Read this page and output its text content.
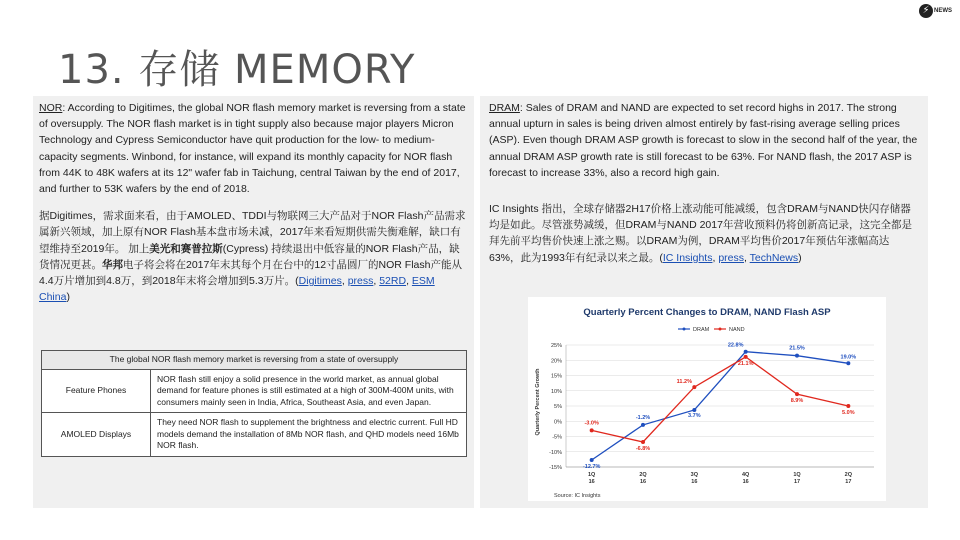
13. 存储 MEMORY
⚡ NEWS

NOR: According to Digitimes, the global NOR flash memory market is reversing from a state of oversupply. The NOR flash market is in tight supply also because major players Micron Technology and Cypress Semiconductor have quit production for the low- to medium-capacity segments. Winbond, for instance, will expand its monthly capacity for NOR flash from 44K to 48K wafers at its 12" wafer fab in Taichung, central Taiwan by the end of 2017, and further to 53K wafers by the end of 2018.

据Digitimes，需求面来看，由于AMOLED、TDDI与物联网三大产品对于NOR Flash产品需求属新兴领域，加上原有NOR Flash基本盘市场未减，2017年来看短期供需失衡难解，缺口有望维持至2019年。 加上美光和赛普拉斯(Cypress) 持续退出中低容量的NOR Flash产品，缺货情况更甚。华邦电子将会将在2017年末其每个月在台中的12寸晶圆厂的NOR Flash产能从4.4万片增加到4.8万，到2018年末将会增加到5.3万片。(Digitimes, press, 52RD, ESM China)

The global NOR flash memory market is reversing from a state of oversupply	
Feature Phones	NOR flash still enjoy a solid presence in the world market, as annual global demand for feature phones is still estimated at a high of 300M-400M units, with consumers mainly seen in India, Africa, Southeast Asia, and even Japan.
AMOLED Displays	They need NOR flash to supplement the brightness and electric current. Full HD models demand the installation of 8Mb NOR flash, and QHD models need 16Mb NOR flash.

DRAM: Sales of DRAM and NAND are expected to set record highs in 2017. The strong annual upturn in sales is being driven almost entirely by fast-rising average selling prices (ASP). Even though DRAM ASP growth is forecast to slow in the second half of the year, the annual DRAM ASP growth rate is still forecast to be 63%. For NAND flash, the 2017 ASP is forecast to increase 33%, also a record high gain.

IC Insights 指出，全球存储器2H17价格上涨动能可能减缓，包含DRAM与NAND快闪存储器均是如此。尽管涨势减缓，但DRAM与NAND 2017年营收预料仍将创新高记录，这完全都是拜先前平均售价快速上涨之赐。以DRAM为例，DRAM平均售价2017年预估年涨幅高达63%，此为1993年有纪录以来之最。(IC Insights, press, TechNews)

Quarterly Percent Changes to DRAM, NAND Flash ASP
DRAM	NAND
-15%
-10%
-5%
0%
5%
10%
15%
20%
25%
1Q
16
2Q
16
3Q
16
4Q
16
1Q
17
2Q
17
-12.7%
-1.2%	3.7%
22.8%	21.5%
19.0%
-3.0%
-6.8%
11.2%
21.1%
8.9%
5.0%
Quarterly Percent Growth
Source: IC Insights
